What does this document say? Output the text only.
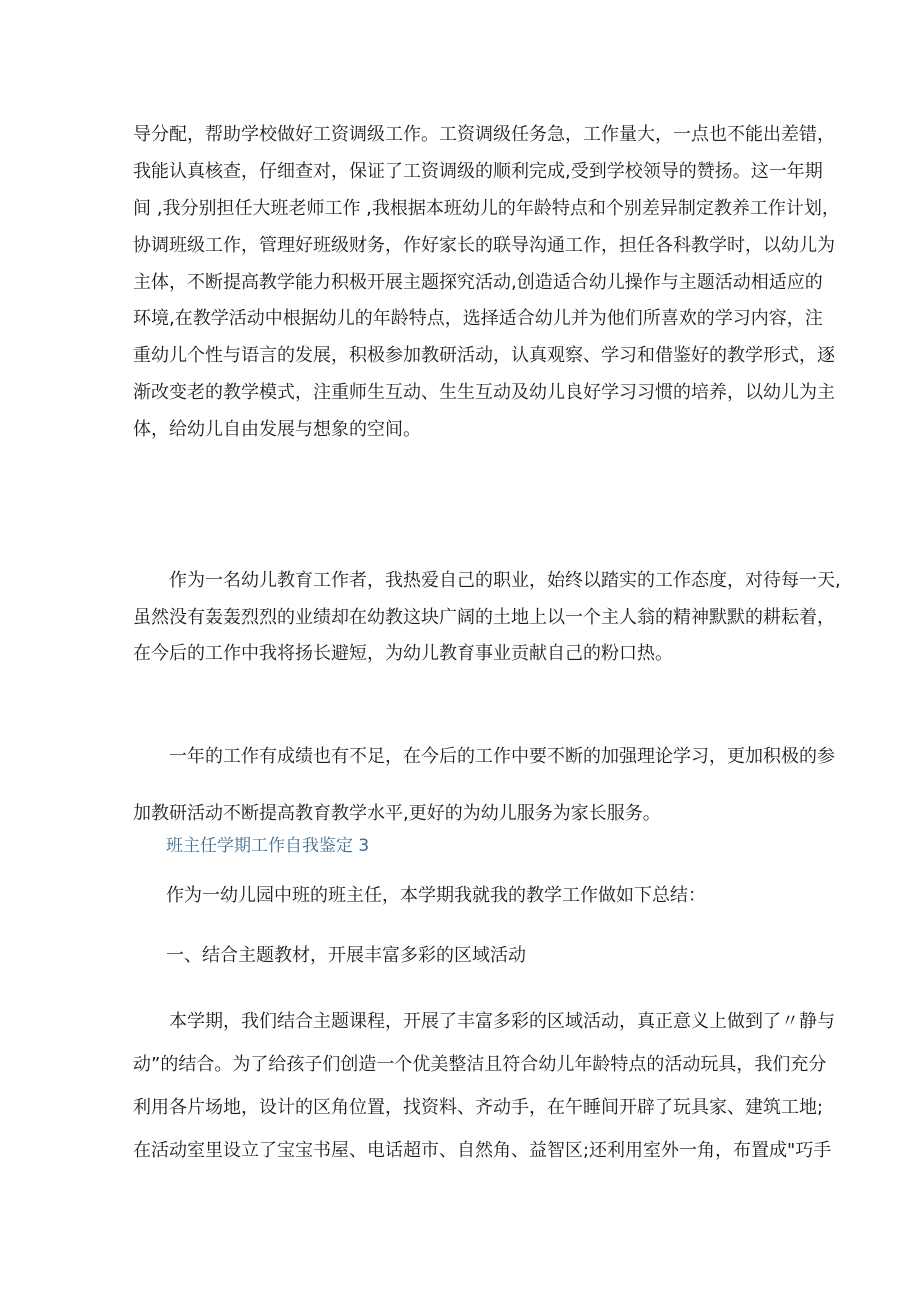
导分配，帮助学校做好工资调级工作。工资调级任务急，工作量大，一点也不能出差错，
我能认真核查，仔细查对，保证了工资调级的顺利完成,受到学校领导的赞扬。这一年期
间 ,我分别担任大班老师工作 ,我根据本班幼儿的年龄特点和个别差异制定教养工作计划，
协调班级工作，管理好班级财务，作好家长的联导沟通工作，担任各科教学时，以幼儿为
主体，不断提高教学能力积极开展主题探究活动,创造适合幼儿操作与主题活动相适应的
环境,在教学活动中根据幼儿的年龄特点，选择适合幼儿并为他们所喜欢的学习内容，注
重幼儿个性与语言的发展，积极参加教研活动，认真观察、学习和借鉴好的教学形式，逐
渐改变老的教学模式，注重师生互动、生生互动及幼儿良好学习习惯的培养，以幼儿为主
体，给幼儿自由发展与想象的空间。
作为一名幼儿教育工作者，我热爱自己的职业，始终以踏实的工作态度，对待每一天,
虽然没有轰轰烈烈的业绩却在幼教这块广阔的土地上以一个主人翁的精神默默的耕耘着，
在今后的工作中我将扬长避短，为幼儿教育事业贡献自己的粉口热。
一年的工作有成绩也有不足，在今后的工作中要不断的加强理论学习，更加积极的参
加教研活动不断提高教育教学水平,更好的为幼儿服务为家长服务。
班主任学期工作自我鉴定 3
作为一幼儿园中班的班主任，本学期我就我的教学工作做如下总结：
一、结合主题教材，开展丰富多彩的区域活动
本学期，我们结合主题课程，开展了丰富多彩的区域活动，真正意义上做到了〃静与
动”的结合。为了给孩子们创造一个优美整洁且符合幼儿年龄特点的活动玩具，我们充分
利用各片场地，设计的区角位置，找资料、齐动手，在午睡间开辟了玩具家、建筑工地;
在活动室里设立了宝宝书屋、电话超市、自然角、益智区;还利用室外一角，布置成"巧手
